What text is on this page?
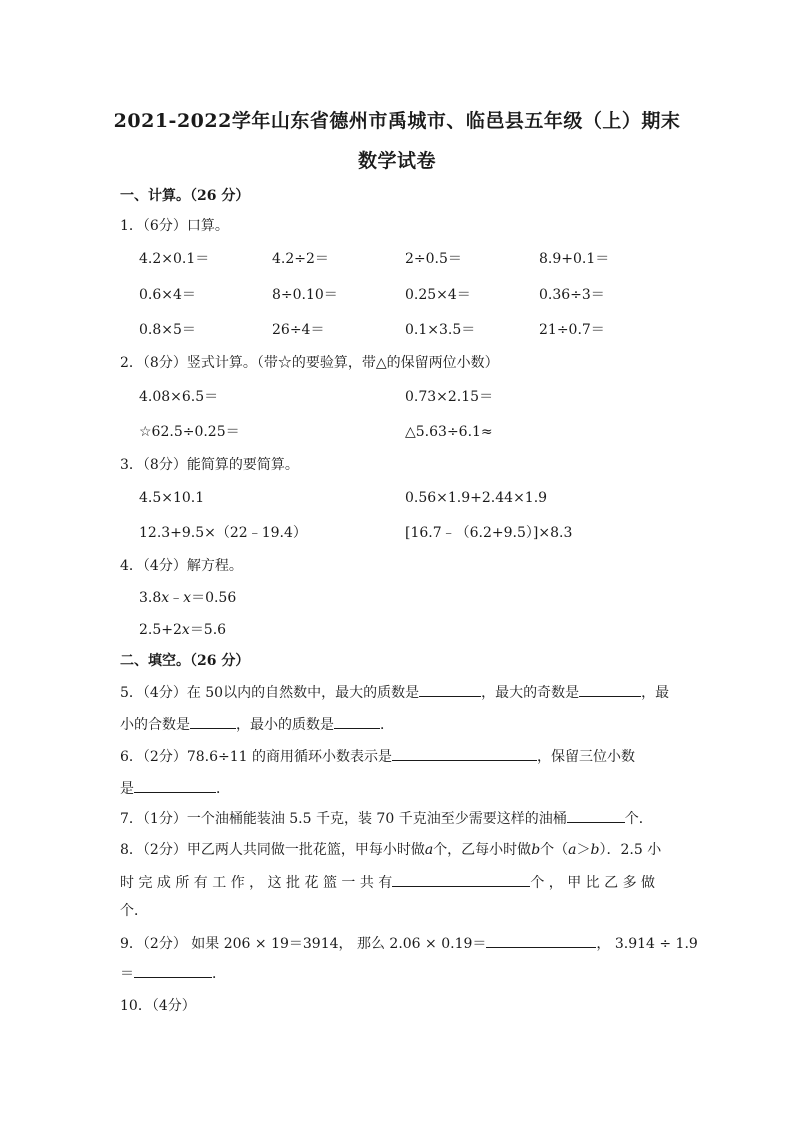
2021-2022学年山东省德州市禹城市、临邑县五年级（上）期末
数学试卷
一、计算。（26 分）
1．（6分）口算。
4.2×0.1＝	4.2÷2＝	2÷0.5＝	8.9+0.1＝
0.6×4＝	8÷0.10＝	0.25×4＝	0.36÷3＝
0.8×5＝	26÷4＝	0.1×3.5＝	21÷0.7＝
2．（8分）竖式计算。（带☆的要验算，带△的保留两位小数）
4.08×6.5＝	0.73×2.15＝
☆62.5÷0.25＝	△5.63÷6.1≈
3．（8分）能简算的要简算。
4.5×10.1	0.56×1.9+2.44×1.9
12.3+9.5×（22﹣19.4）	[16.7﹣（6.2+9.5）]×8.3
4．（4分）解方程。
3.8x﹣x＝0.56
2.5+2x＝5.6
二、填空。（26 分）
5．（4分）在 50以内的自然数中，最大的质数是	，最大的奇数是	，最
小的合数是	，最小的质数是	．
6．（2分）78.6÷11 的商用循环小数表示是	，保留三位小数
是	．
7．（1分）一个油桶能装油 5.5 千克，装 70 千克油至少需要这样的油桶	个．
8．（2分）甲乙两人共同做一批花篮，甲每小时做a个，乙每小时做b个（a＞b）．2.5 小
时 完 成 所 有 工 作 ， 这 批 花 篮 一 共 有	个 ， 甲 比 乙 多 做
个．
9．（2分） 如果 206 × 19＝3914， 那么 2.06 × 0.19＝	， 3.914 ÷ 1.9
＝	．
10．（4分）
